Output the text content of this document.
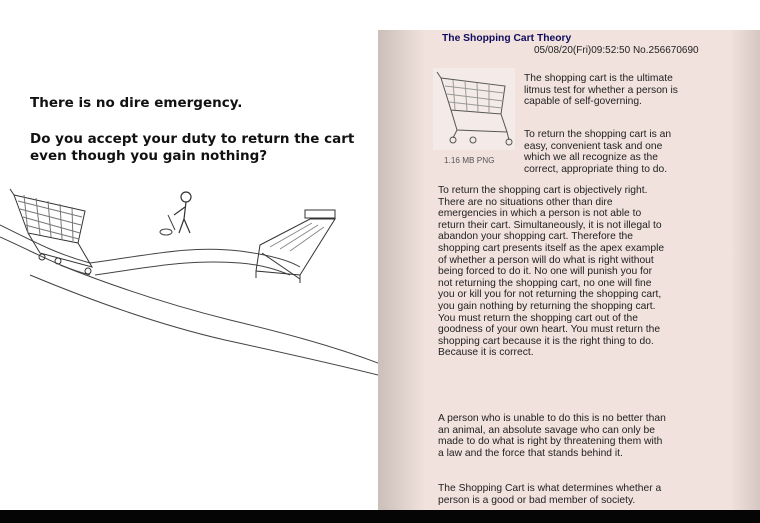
There is no dire emergency.
Do you accept your duty to return the cart
even though you gain nothing?
The Shopping Cart Theory
05/08/20(Fri)09:52:50 No.256670690
1.16 MB PNG
The shopping cart is the ultimate
litmus test for whether a person is
capable of self-governing.
To return the shopping cart is an
easy, convenient task and one
which we all recognize as the
correct, appropriate thing to do.
To return the shopping cart is objectively right.
There are no situations other than dire
emergencies in which a person is not able to
return their cart. Simultaneously, it is not illegal to
abandon your shopping cart. Therefore the
shopping cart presents itself as the apex example
of whether a person will do what is right without
being forced to do it. No one will punish you for
not returning the shopping cart, no one will fine
you or kill you for not returning the shopping cart,
you gain nothing by returning the shopping cart.
You must return the shopping cart out of the
goodness of your own heart. You must return the
shopping cart because it is the right thing to do.
Because it is correct.
A person who is unable to do this is no better than
an animal, an absolute savage who can only be
made to do what is right by threatening them with
a law and the force that stands behind it.
The Shopping Cart is what determines whether a
person is a good or bad member of society.
